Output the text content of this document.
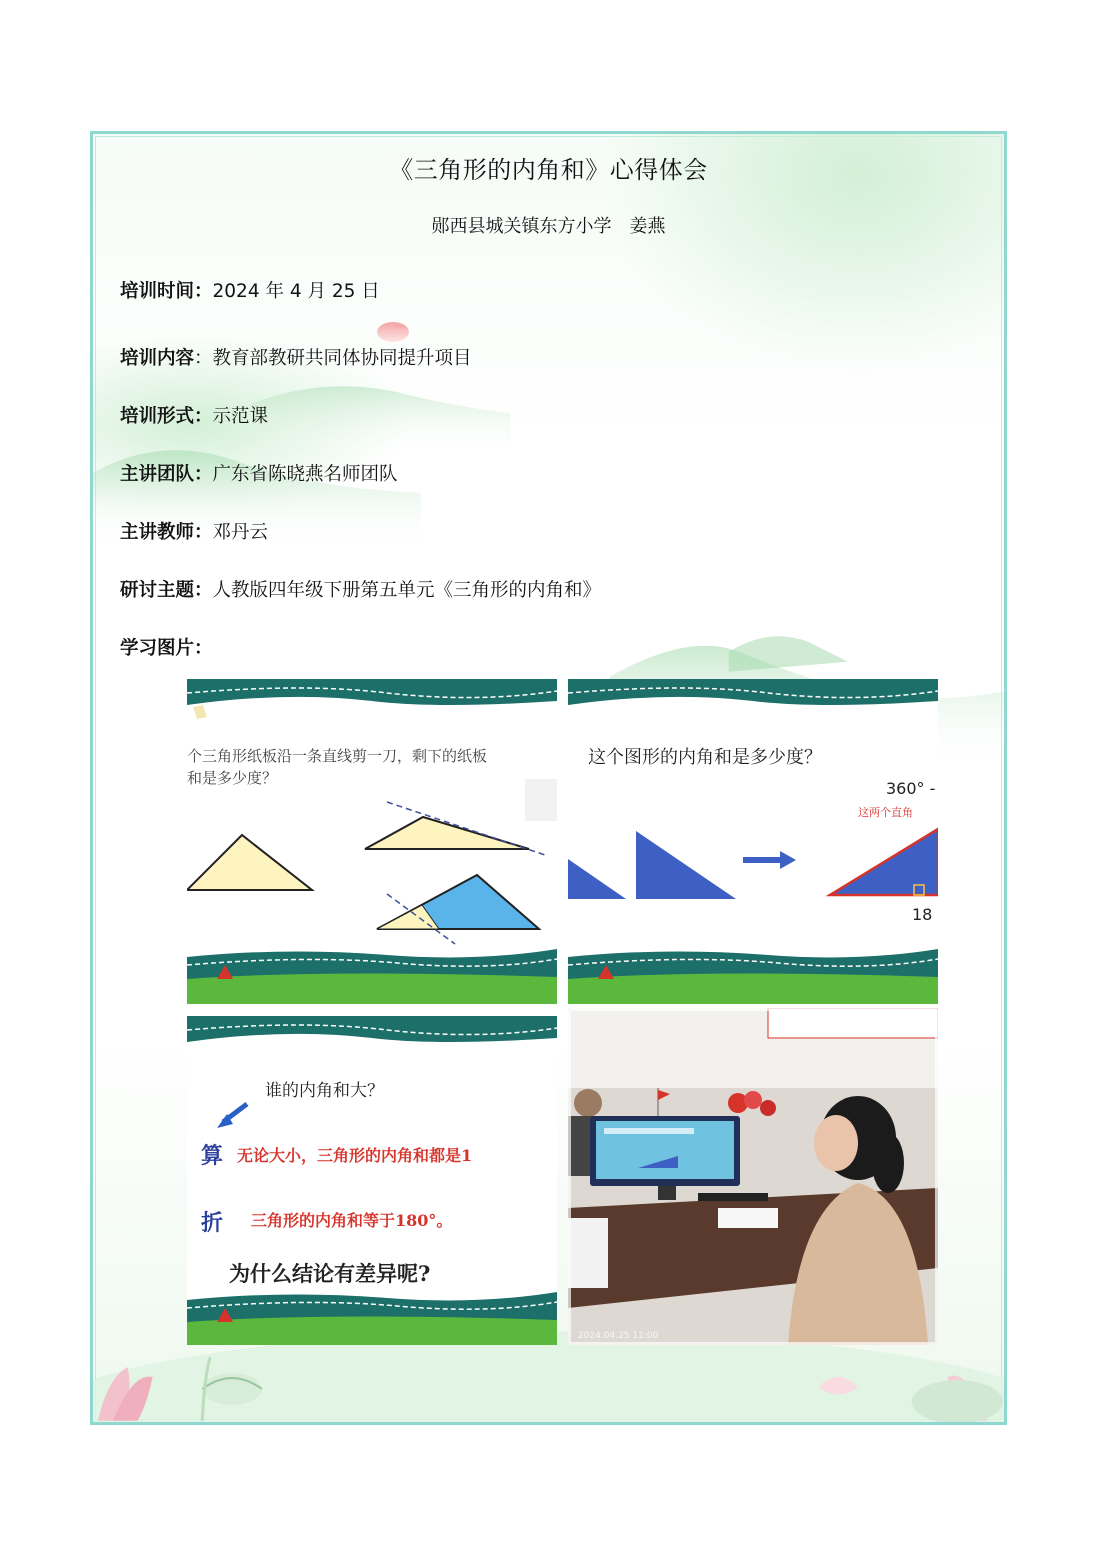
《三角形的内角和》心得体会
郧西县城关镇东方小学　姜燕
培训时间：2024 年 4 月 25 日
培训内容：教育部教研共同体协同提升项目
培训形式：示范课
主讲团队：广东省陈晓燕名师团队
主讲教师：邓丹云
研讨主题：人教版四年级下册第五单元《三角形的内角和》
学习图片：
个三角形纸板沿一条直线剪一刀，剩下的纸板
和是多少度？
这个图形的内角和是多少度？
360° -
这两个直角
18
谁的内角和大？
算 无论大小，三角形的内角和都是1
折 三角形的内角和等于180°。
为什么结论有差异呢?
2024.04.25 11:00
